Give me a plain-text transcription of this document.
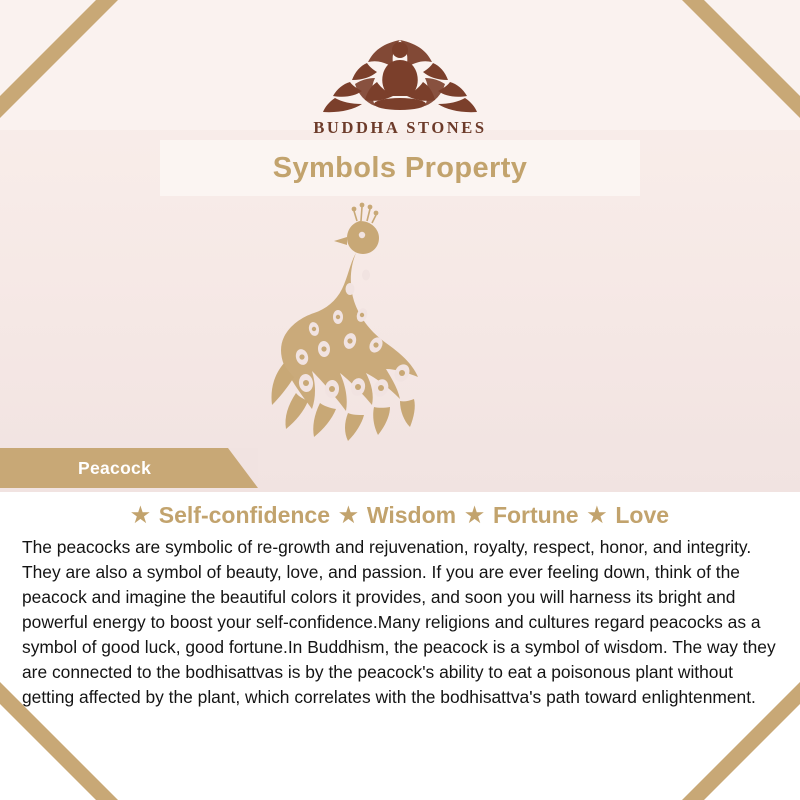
BUDDHA STONES
Symbols Property
Peacock
★ Self-confidence ★ Wisdom ★ Fortune ★ Love

The peacocks are symbolic of re-growth and rejuvenation, royalty, respect, honor, and integrity. They are also a symbol of beauty, love, and passion. If you are ever feeling down, think of the peacock and imagine the beautiful colors it provides, and soon you will harness its bright and powerful energy to boost your self-confidence.Many religions and cultures regard peacocks as a symbol of good luck, good fortune.In Buddhism, the peacock is a symbol of wisdom. The way they are connected to the bodhisattvas is by the peacock's ability to eat a poisonous plant without getting affected by the plant, which correlates with the bodhisattva's path toward enlightenment.
